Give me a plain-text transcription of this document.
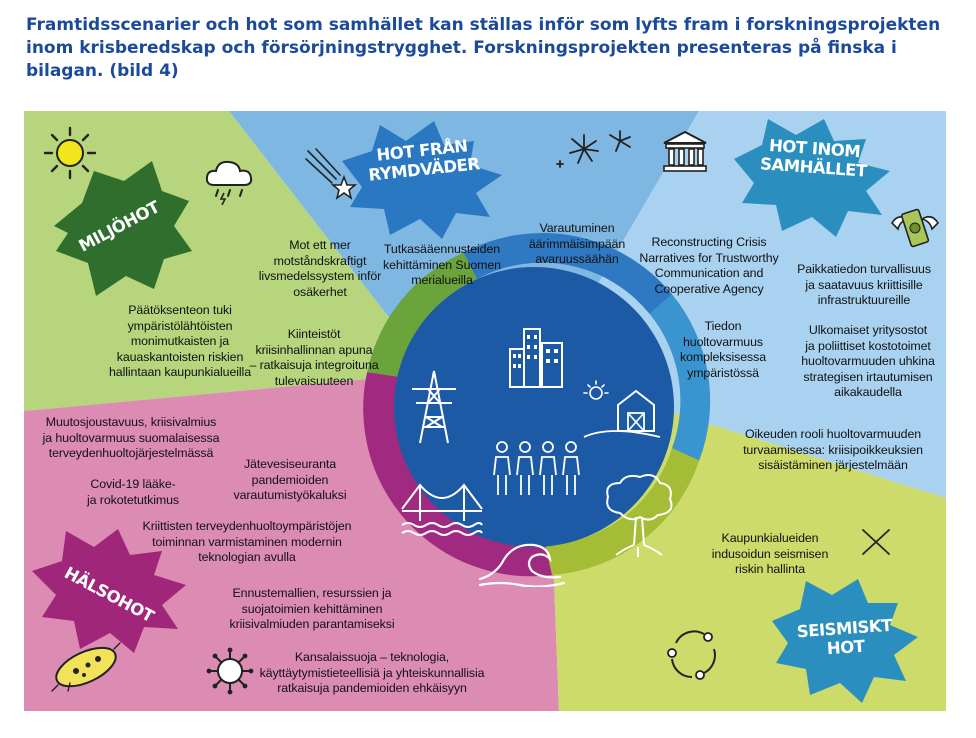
Framtidsscenarier och hot som samhället kan ställas inför som lyfts fram i forskningsprojekten inom krisberedskap och försörjningstrygghet. Forskningsprojekten presenteras på finska i bilagan. (bild 4)
MILJÖHOT
HOT FRÅN
RYMDVÄDER
HOT INOM
SAMHÄLLET
HÄLSOHOT
SEISMISKT
HOT
Mot ett mer
motståndskraftigt
livsmedelssystem inför
osäkerhet
Päätöksenteon tuki
ympäristölähtöisten
monimutkaisten ja
kauaskantoisten riskien
hallintaan kaupunkialueilla
Kiinteistöt
kriisinhallinnan apuna
– ratkaisuja integroituna
tulevaisuuteen
Tutkasääennusteiden
kehittäminen Suomen
merialueilla
Varautuminen
äärimmäisimpään
avaruussäähän
Reconstructing Crisis
Narratives for Trustworthy
Communication and
Cooperative Agency
Paikkatiedon turvallisuus
ja saatavuus kriittisille
infrastruktuureille
Tiedon
huoltovarmuus
kompleksisessa
ympäristössä
Ulkomaiset yritysostot
ja poliittiset kostotoimet
huoltovarmuuden uhkina
strategisen irtautumisen
aikakaudella
Oikeuden rooli huoltovarmuuden
turvaamisessa: kriisipoikkeuksien
sisäistäminen järjestelmään
Muutosjoustavuus, kriisivalmius
ja huoltovarmuus suomalaisessa
terveydenhuoltojärjestelmässä
Jätevesiseuranta
pandemioiden
varautumistyökaluksi
Covid-19 lääke-
ja rokotetutkimus
Kriittisten terveydenhuoltoympäristöjen
toiminnan varmistaminen modernin
teknologian avulla
Ennustemallien, resurssien ja
suojatoimien kehittäminen
kriisivalmiuden parantamiseksi
Kansalaissuoja – teknologia,
käyttäytymistieteellisiä ja yhteiskunnallisia
ratkaisuja pandemioiden ehkäisyyn
Kaupunkialueiden
indusoidun seismisen
riskin hallinta
